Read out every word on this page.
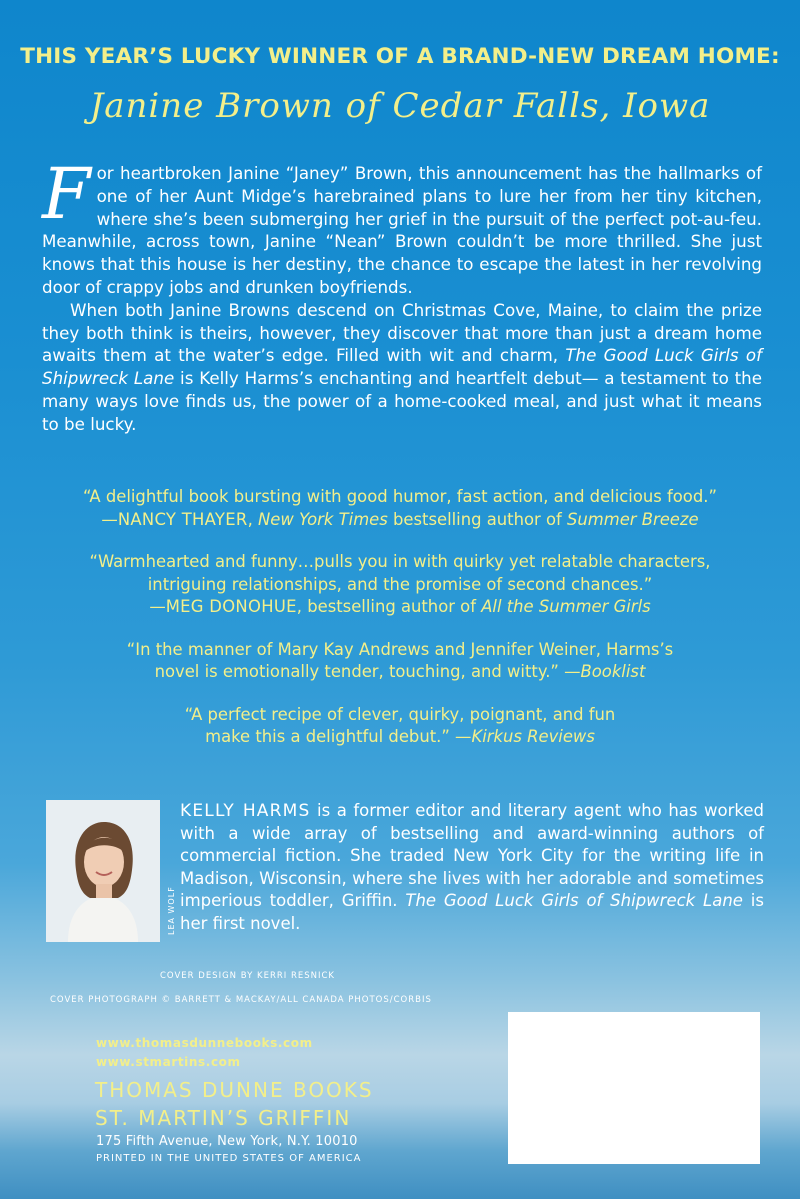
THIS YEAR’S LUCKY WINNER OF A BRAND-NEW DREAM HOME:
Janine Brown of Cedar Falls, Iowa

F or heartbroken Janine “Janey” Brown, this announcement has the hallmarks of one of her Aunt Midge’s harebrained plans to lure her from her tiny kitchen, where she’s been submerging her grief in the pursuit of the perfect pot-au-feu. Meanwhile, across town, Janine “Nean” Brown couldn’t be more thrilled. She just knows that this house is her destiny, the chance to escape the latest in her revolving door of crappy jobs and drunken boyfriends.

When both Janine Browns descend on Christmas Cove, Maine, to claim the prize they both think is theirs, however, they discover that more than just a dream home awaits them at the water’s edge. Filled with wit and charm, The Good Luck Girls of Shipwreck Lane is Kelly Harms’s enchanting and heartfelt debut— a testament to the many ways love finds us, the power of a home-cooked meal, and just what it means to be lucky.

“A delightful book bursting with good humor, fast action, and delicious food.”
—NANCY THAYER, New York Times bestselling author of Summer Breeze
“Warmhearted and funny…pulls you in with quirky yet relatable characters,
intriguing relationships, and the promise of second chances.”
—MEG DONOHUE, bestselling author of All the Summer Girls
“In the manner of Mary Kay Andrews and Jennifer Weiner, Harms’s
novel is emotionally tender, touching, and witty.” —Booklist
“A perfect recipe of clever, quirky, poignant, and fun
make this a delightful debut.” —Kirkus Reviews
LEA WOLF
KELLY HARMS is a former editor and literary agent who has worked with a wide array of bestselling and award-winning authors of commercial fiction. She traded New York City for the writing life in Madison, Wisconsin, where she lives with her adorable and sometimes imperious toddler, Griffin. The Good Luck Girls of Shipwreck Lane is her first novel.
COVER DESIGN BY KERRI RESNICK
COVER PHOTOGRAPH © BARRETT & MACKAY/ALL CANADA PHOTOS/CORBIS
www.thomasdunnebooks.com
www.stmartins.com
THOMAS DUNNE BOOKS
ST. MARTIN’S GRIFFIN
175 Fifth Avenue, New York, N.Y. 10010
PRINTED IN THE UNITED STATES OF AMERICA
